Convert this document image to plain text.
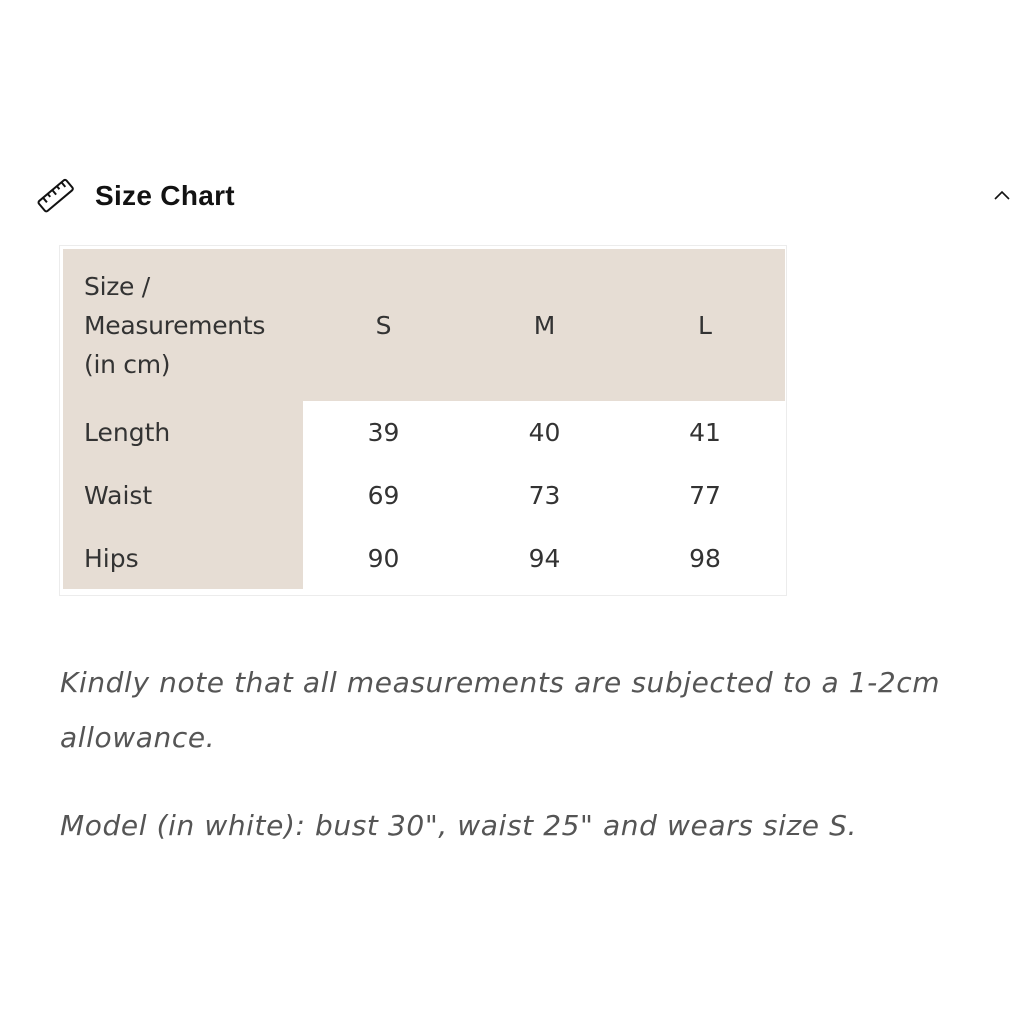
Size Chart
Size /
Measurements
(in cm)	S	M	L
Length	39	40	41
Waist	69	73	77
Hips	90	94	98

Kindly note that all measurements are subjected to a 1-2cm allowance.

Model (in white): bust 30", waist 25" and wears size S.
